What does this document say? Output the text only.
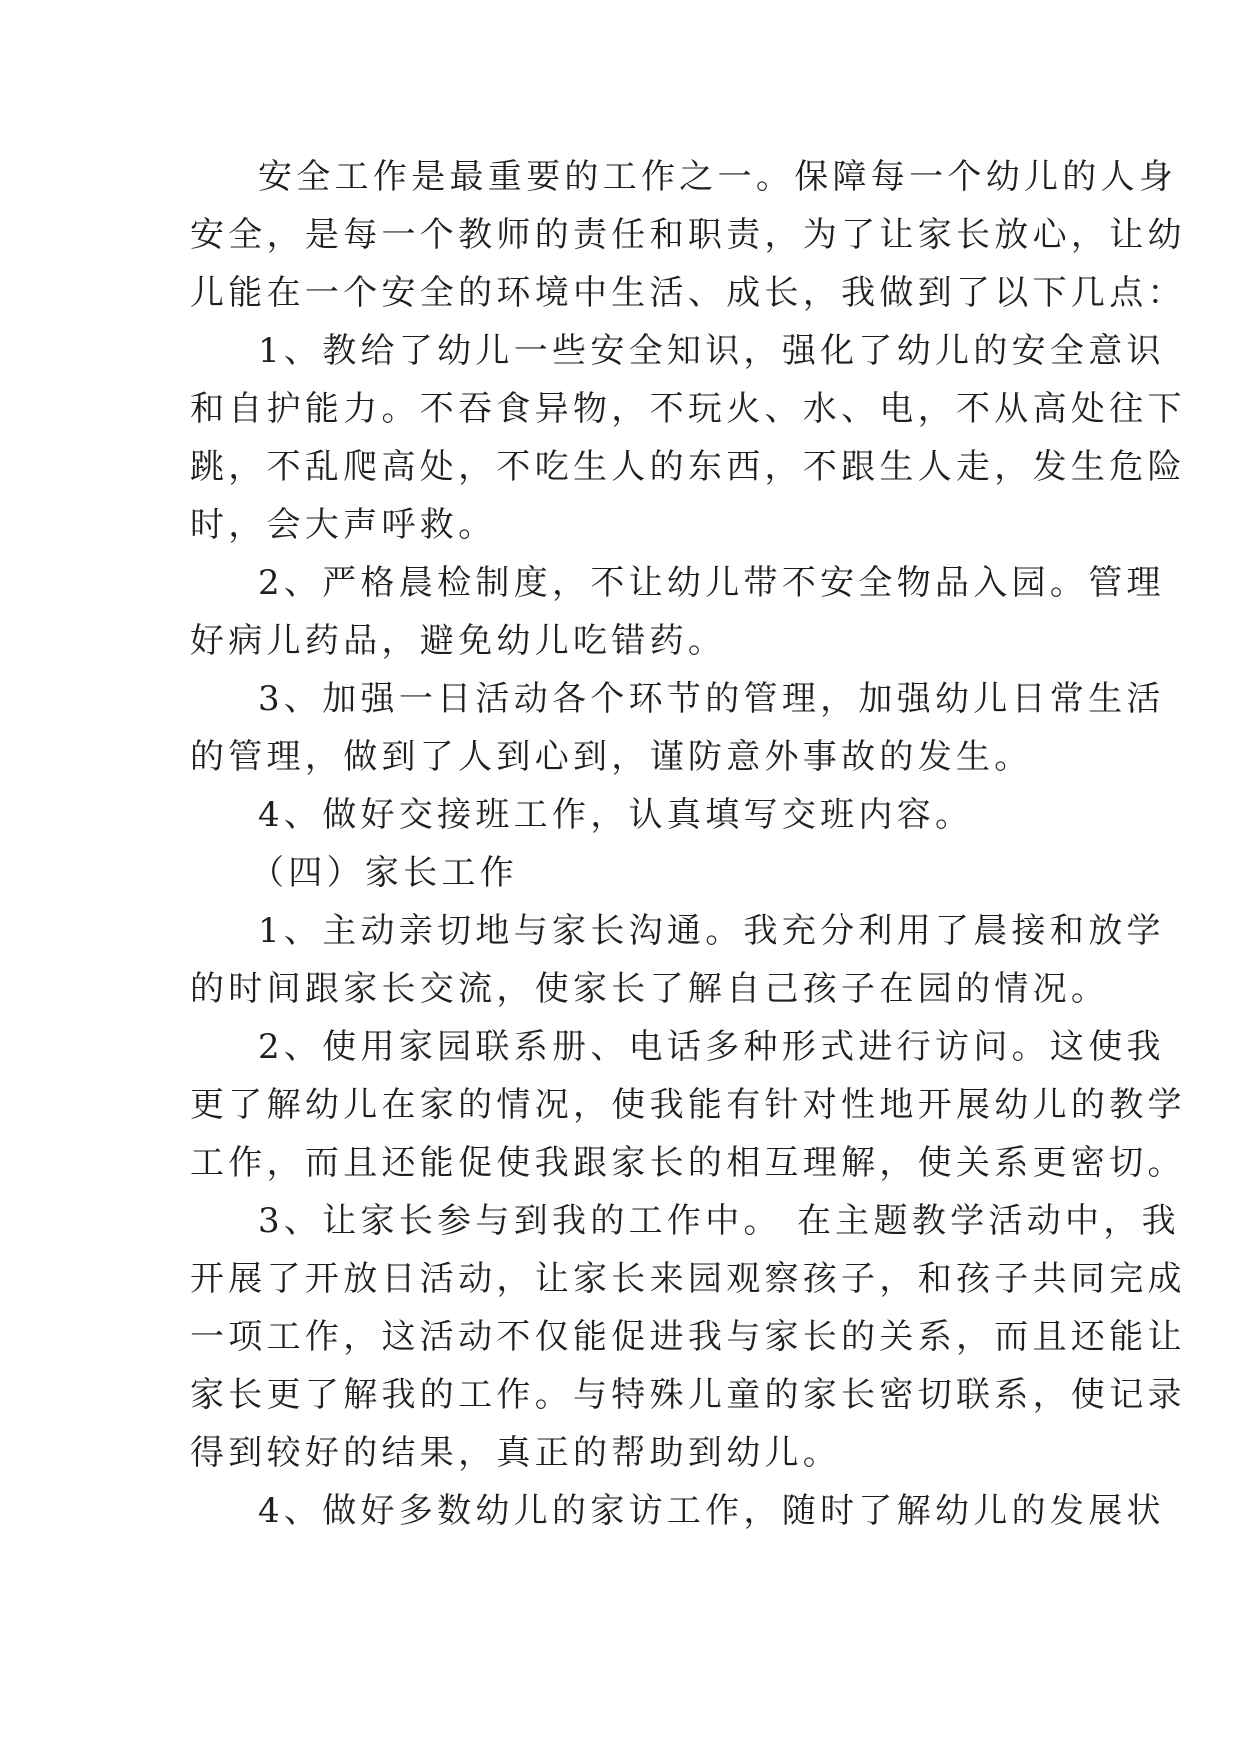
安全工作是最重要的工作之一。保障每一个幼儿的人身
安全，是每一个教师的责任和职责，为了让家长放心，让幼
儿能在一个安全的环境中生活、成长，我做到了以下几点：
1、教给了幼儿一些安全知识，强化了幼儿的安全意识
和自护能力。不吞食异物，不玩火、水、电，不从高处往下
跳，不乱爬高处，不吃生人的东西，不跟生人走，发生危险
时，会大声呼救。
2、严格晨检制度，不让幼儿带不安全物品入园。管理
好病儿药品，避免幼儿吃错药。
3、加强一日活动各个环节的管理，加强幼儿日常生活
的管理，做到了人到心到，谨防意外事故的发生。
4、做好交接班工作，认真填写交班内容。
（四）家长工作
1、主动亲切地与家长沟通。我充分利用了晨接和放学
的时间跟家长交流，使家长了解自己孩子在园的情况。
2、使用家园联系册、电话多种形式进行访问。这使我
更了解幼儿在家的情况，使我能有针对性地开展幼儿的教学
工作，而且还能促使我跟家长的相互理解，使关系更密切。
3、让家长参与到我的工作中。 在主题教学活动中，我
开展了开放日活动，让家长来园观察孩子，和孩子共同完成
一项工作，这活动不仅能促进我与家长的关系，而且还能让
家长更了解我的工作。与特殊儿童的家长密切联系，使记录
得到较好的结果，真正的帮助到幼儿。
4、做好多数幼儿的家访工作，随时了解幼儿的发展状
